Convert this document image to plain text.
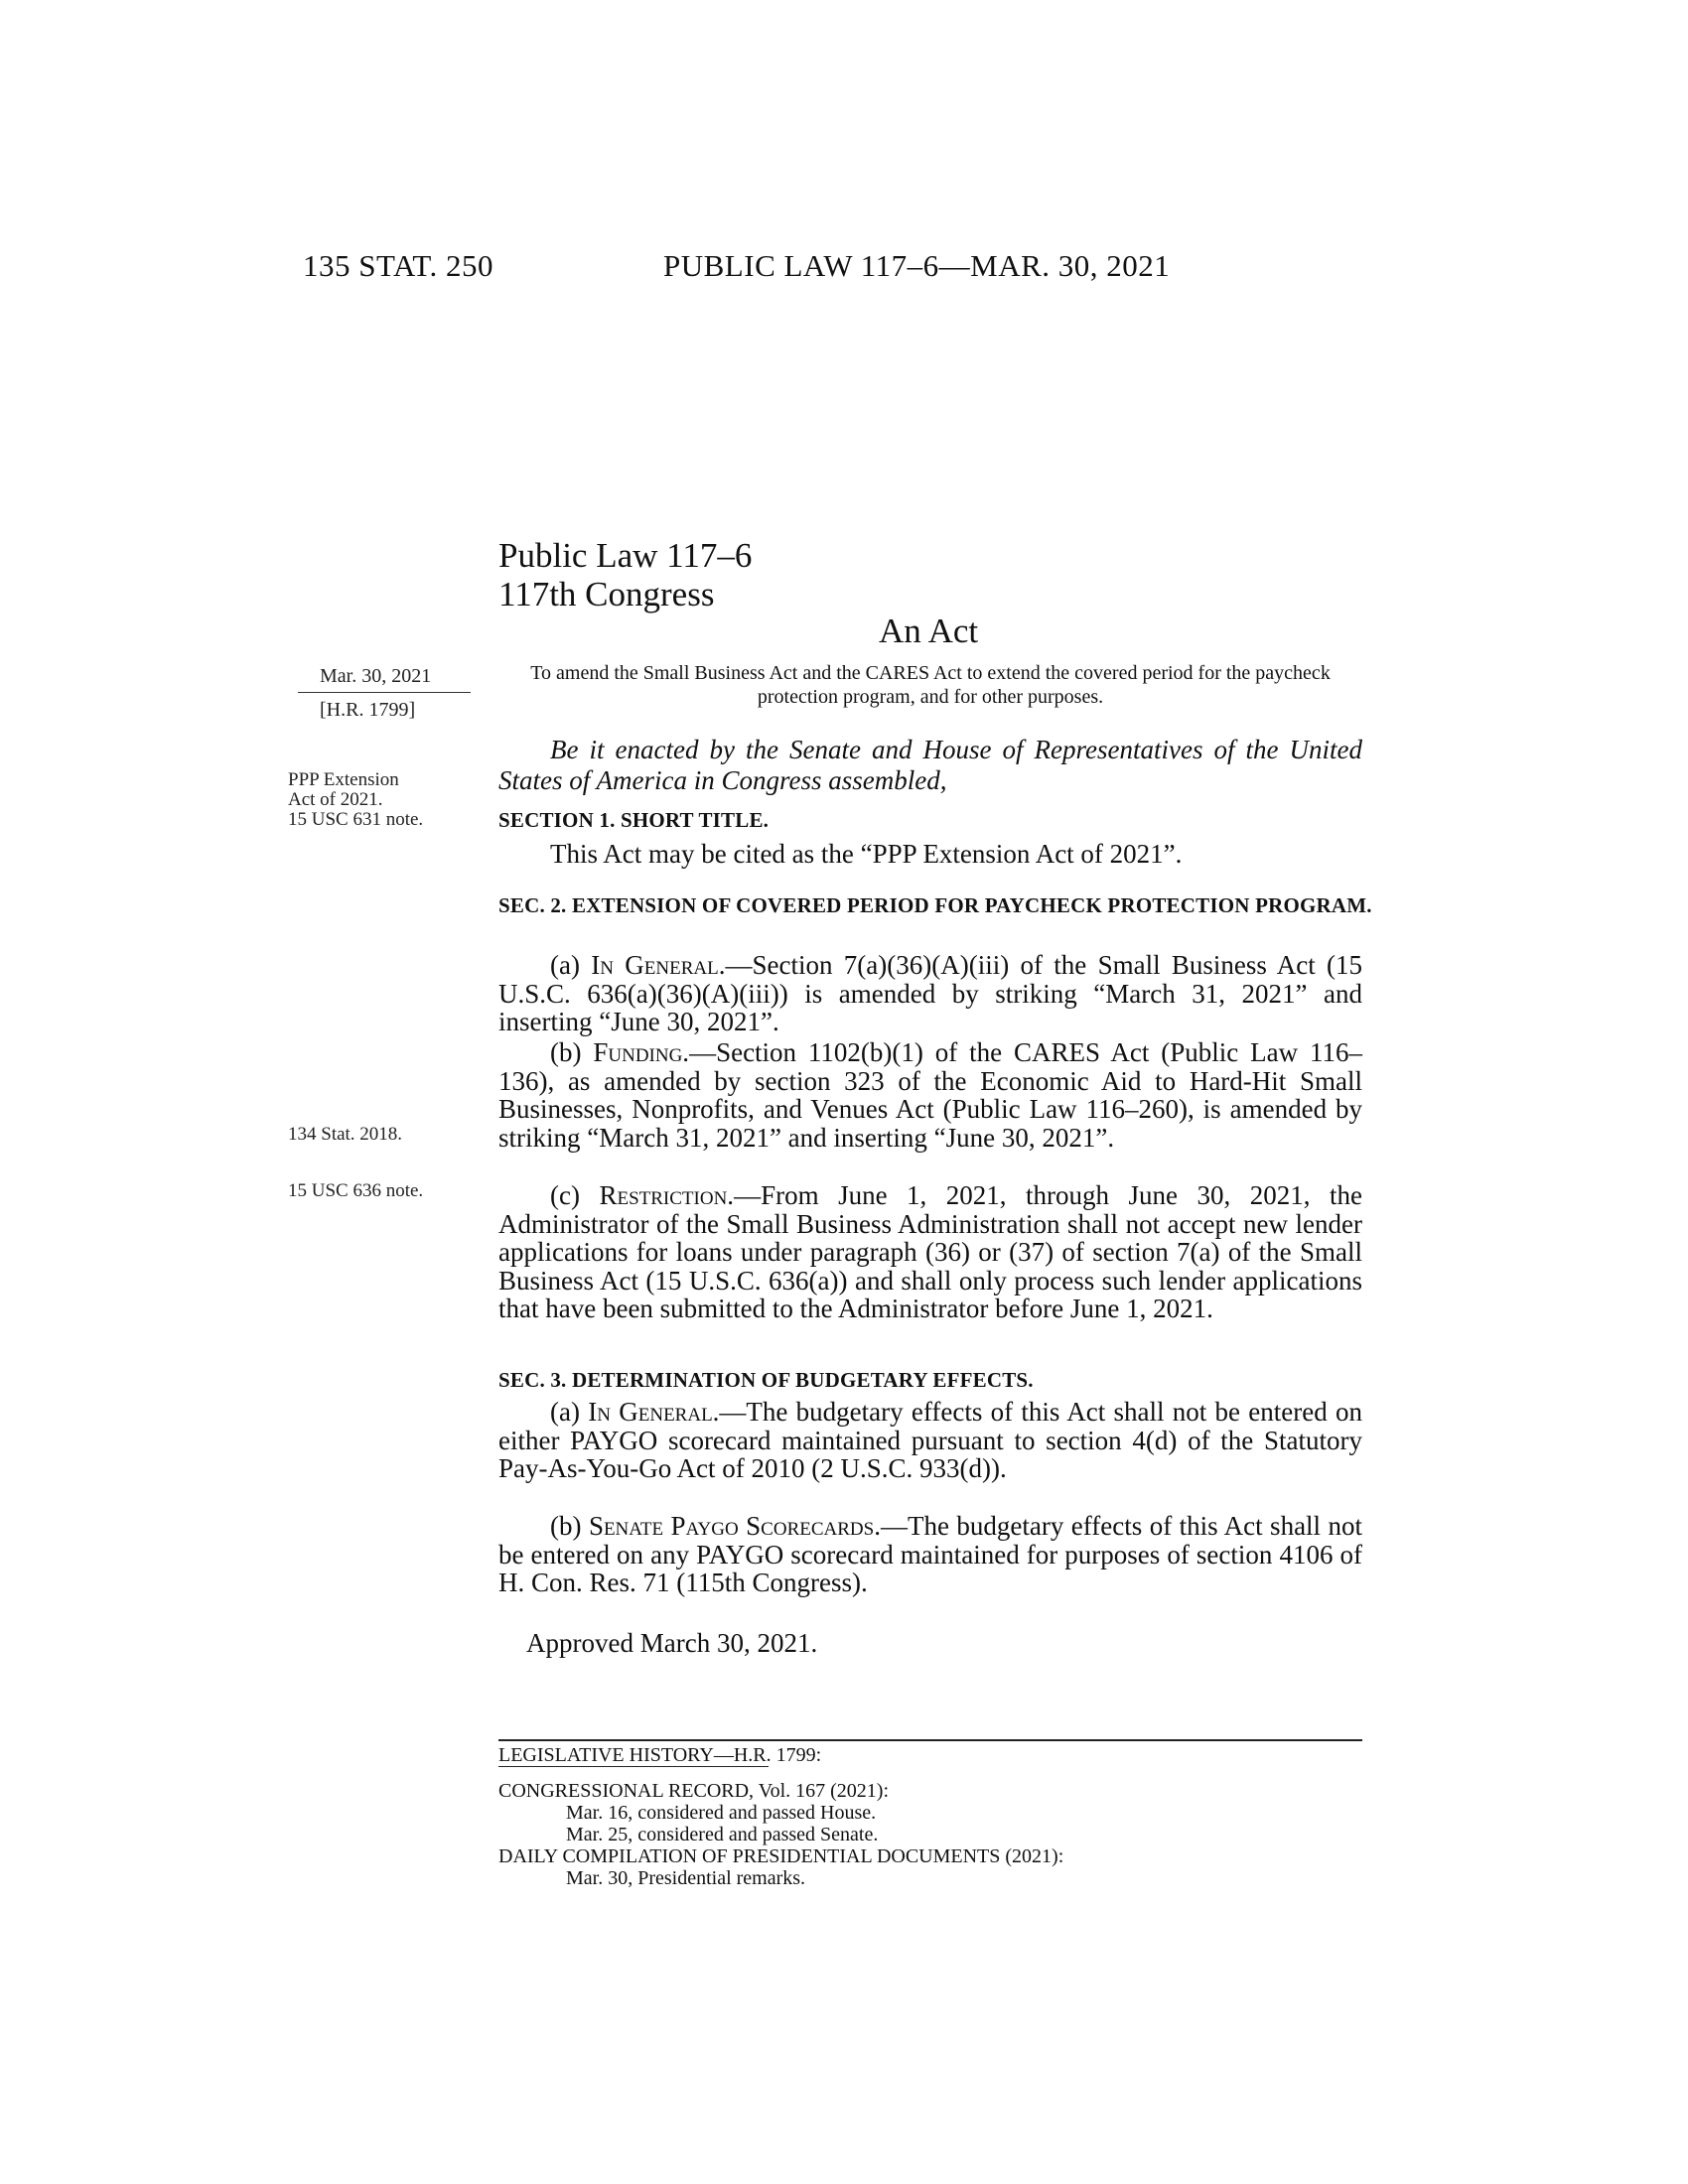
135 STAT. 250	PUBLIC LAW 117–6—MAR. 30, 2021
Public Law 117–6
117th Congress
An Act
Mar. 30, 2021
[H.R. 1799]
PPP Extension
Act of 2021.
15 USC 631 note.
134 Stat. 2018.
15 USC 636 note.
To amend the Small Business Act and the CARES Act to extend the covered period for the paycheck protection program, and for other purposes.
Be it enacted by the Senate and House of Representatives of the United States of America in Congress assembled,
SECTION 1. SHORT TITLE.
This Act may be cited as the “PPP Extension Act of 2021”.
SEC. 2. EXTENSION OF COVERED PERIOD FOR PAYCHECK PROTECTION PROGRAM.
(a) In General.—Section 7(a)(36)(A)(iii) of the Small Business Act (15 U.S.C. 636(a)(36)(A)(iii)) is amended by striking “March 31, 2021” and inserting “June 30, 2021”.
(b) Funding.—Section 1102(b)(1) of the CARES Act (Public Law 116–136), as amended by section 323 of the Economic Aid to Hard-Hit Small Businesses, Nonprofits, and Venues Act (Public Law 116–260), is amended by striking “March 31, 2021” and inserting “June 30, 2021”.
(c) Restriction.—From June 1, 2021, through June 30, 2021, the Administrator of the Small Business Administration shall not accept new lender applications for loans under paragraph (36) or (37) of section 7(a) of the Small Business Act (15 U.S.C. 636(a)) and shall only process such lender applications that have been submitted to the Administrator before June 1, 2021.
SEC. 3. DETERMINATION OF BUDGETARY EFFECTS.
(a) In General.—The budgetary effects of this Act shall not be entered on either PAYGO scorecard maintained pursuant to section 4(d) of the Statutory Pay-As-You-Go Act of 2010 (2 U.S.C. 933(d)).
(b) Senate Paygo Scorecards.—The budgetary effects of this Act shall not be entered on any PAYGO scorecard maintained for purposes of section 4106 of H. Con. Res. 71 (115th Congress).
Approved March 30, 2021.
LEGISLATIVE HISTORY—H.R. 1799:
CONGRESSIONAL RECORD, Vol. 167 (2021):
Mar. 16, considered and passed House.
Mar. 25, considered and passed Senate.
DAILY COMPILATION OF PRESIDENTIAL DOCUMENTS (2021):
Mar. 30, Presidential remarks.
